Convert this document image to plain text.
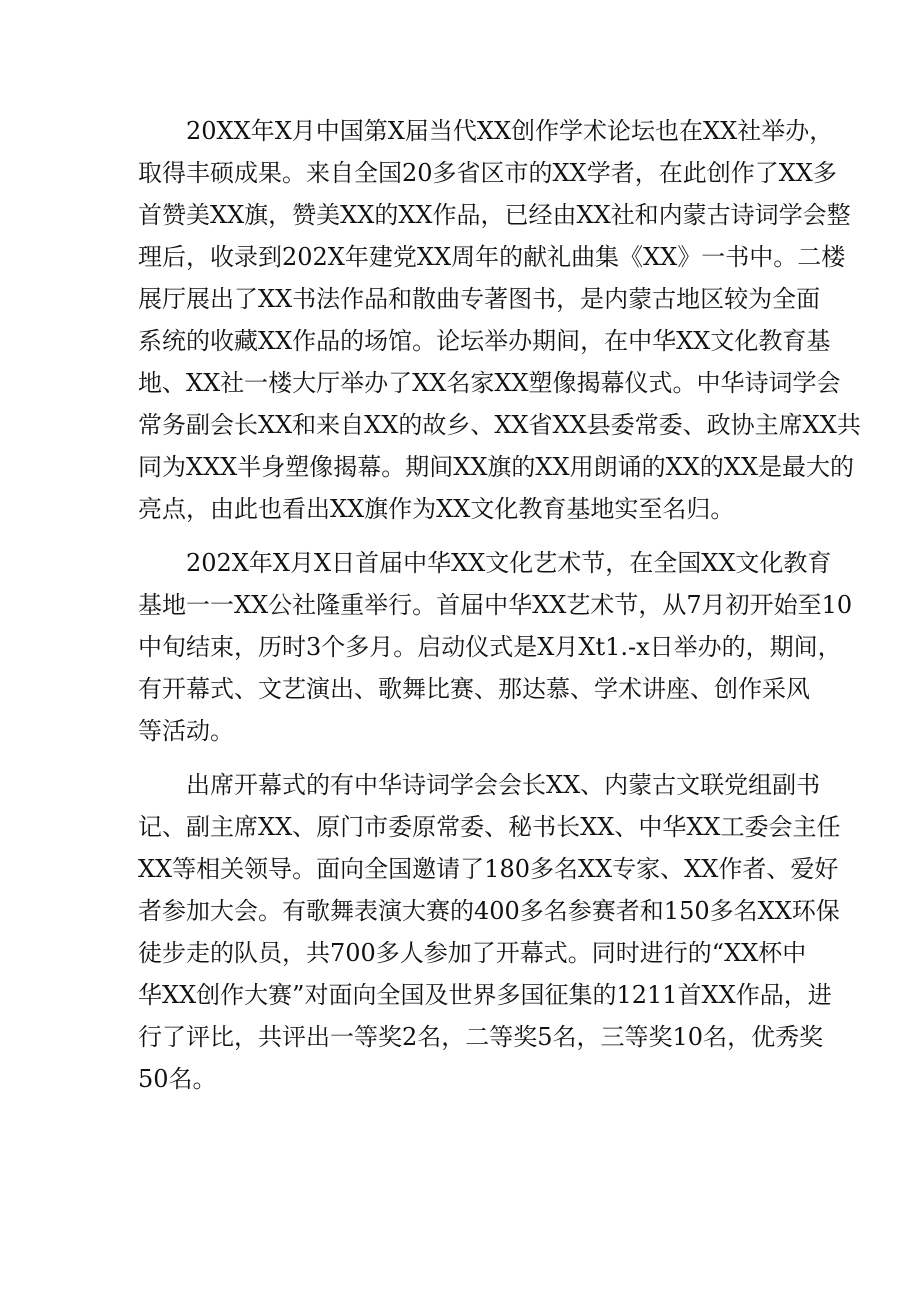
20XX年X月中国第X届当代XX创作学术论坛也在XX社举办，
取得丰硕成果。来自全国20多省区市的XX学者，在此创作了XX多
首赞美XX旗，赞美XX的XX作品，已经由XX社和内蒙古诗词学会整
理后，收录到202X年建党XX周年的献礼曲集《XX》一书中。二楼
展厅展出了XX书法作品和散曲专著图书，是内蒙古地区较为全面
系统的收藏XX作品的场馆。论坛举办期间，在中华XX文化教育基
地、XX社一楼大厅举办了XX名家XX塑像揭幕仪式。中华诗词学会
常务副会长XX和来自XX的故乡、XX省XX县委常委、政协主席XX共
同为XXX半身塑像揭幕。期间XX旗的XX用朗诵的XX的XX是最大的
亮点，由此也看出XX旗作为XX文化教育基地实至名归。
202X年X月X日首届中华XX文化艺术节，在全国XX文化教育
基地一一XX公社隆重举行。首届中华XX艺术节，从7月初开始至10
中旬结束，历时3个多月。启动仪式是X月Xt1.-x日举办的，期间，
有开幕式、文艺演出、歌舞比赛、那达慕、学术讲座、创作采风
等活动。
出席开幕式的有中华诗词学会会长XX、内蒙古文联党组副书
记、副主席XX、原门市委原常委、秘书长XX、中华XX工委会主任
XX等相关领导。面向全国邀请了180多名XX专家、XX作者、爱好
者参加大会。有歌舞表演大赛的400多名参赛者和150多名XX环保
徒步走的队员，共700多人参加了开幕式。同时进行的“XX杯中
华XX创作大赛”对面向全国及世界多国征集的1211首XX作品，进
行了评比，共评出一等奖2名，二等奖5名，三等奖10名，优秀奖
50名。
